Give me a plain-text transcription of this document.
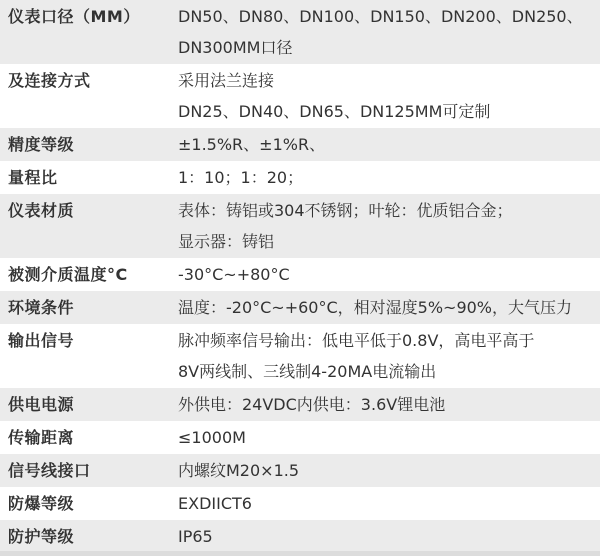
仪表口径（MM）	DN50、DN80、DN100、DN150、DN200、DN250、
DN300MM口径
及连接方式	采用法兰连接
DN25、DN40、DN65、DN125MM可定制
精度等级	±1.5%R、±1%R、
量程比	1：10；1：20；
仪表材质	表体：铸铝或304不锈钢；叶轮：优质铝合金；
显示器：铸铝
被测介质温度°C	-30°C~+80°C
环境条件	温度：-20°C~+60°C，相对湿度5%~90%，大气压力
输出信号	脉冲频率信号输出：低电平低于0.8V，高电平高于
8V两线制、三线制4-20MA电流输出
供电电源	外供电：24VDC内供电：3.6V锂电池
传输距离	≤1000M
信号线接口	内螺纹M20×1.5
防爆等级	EXDIICT6
防护等级	IP65
